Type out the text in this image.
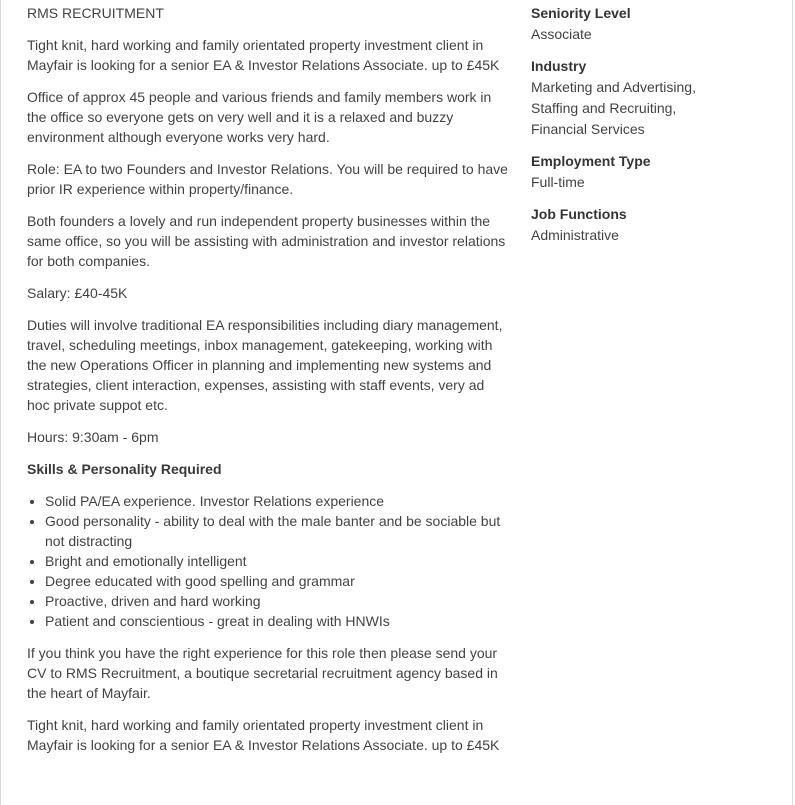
RMS RECRUITMENT

Tight knit, hard working and family orientated property investment client in Mayfair is looking for a senior EA & Investor Relations Associate. up to £45K

Office of approx 45 people and various friends and family members work in the office so everyone gets on very well and it is a relaxed and buzzy environment although everyone works very hard.

Role: EA to two Founders and Investor Relations. You will be required to have prior IR experience within property/finance.

Both founders a lovely and run independent property businesses within the same office, so you will be assisting with administration and investor relations for both companies.

Salary: £40-45K

Duties will involve traditional EA responsibilities including diary management, travel, scheduling meetings, inbox management, gatekeeping, working with the new Operations Officer in planning and implementing new systems and strategies, client interaction, expenses, assisting with staff events, very ad hoc private suppot etc.

Hours: 9:30am - 6pm

Skills & Personality Required

• Solid PA/EA experience. Investor Relations experience
• Good personality - ability to deal with the male banter and be sociable but not distracting
• Bright and emotionally intelligent
• Degree educated with good spelling and grammar
• Proactive, driven and hard working
• Patient and conscientious - great in dealing with HNWIs

If you think you have the right experience for this role then please send your CV to RMS Recruitment, a boutique secretarial recruitment agency based in the heart of Mayfair.

Tight knit, hard working and family orientated property investment client in Mayfair is looking for a senior EA & Investor Relations Associate. up to £45K

Seniority Level

Associate

Industry

Marketing and Advertising,

Staffing and Recruiting,

Financial Services

Employment Type

Full-time

Job Functions

Administrative
